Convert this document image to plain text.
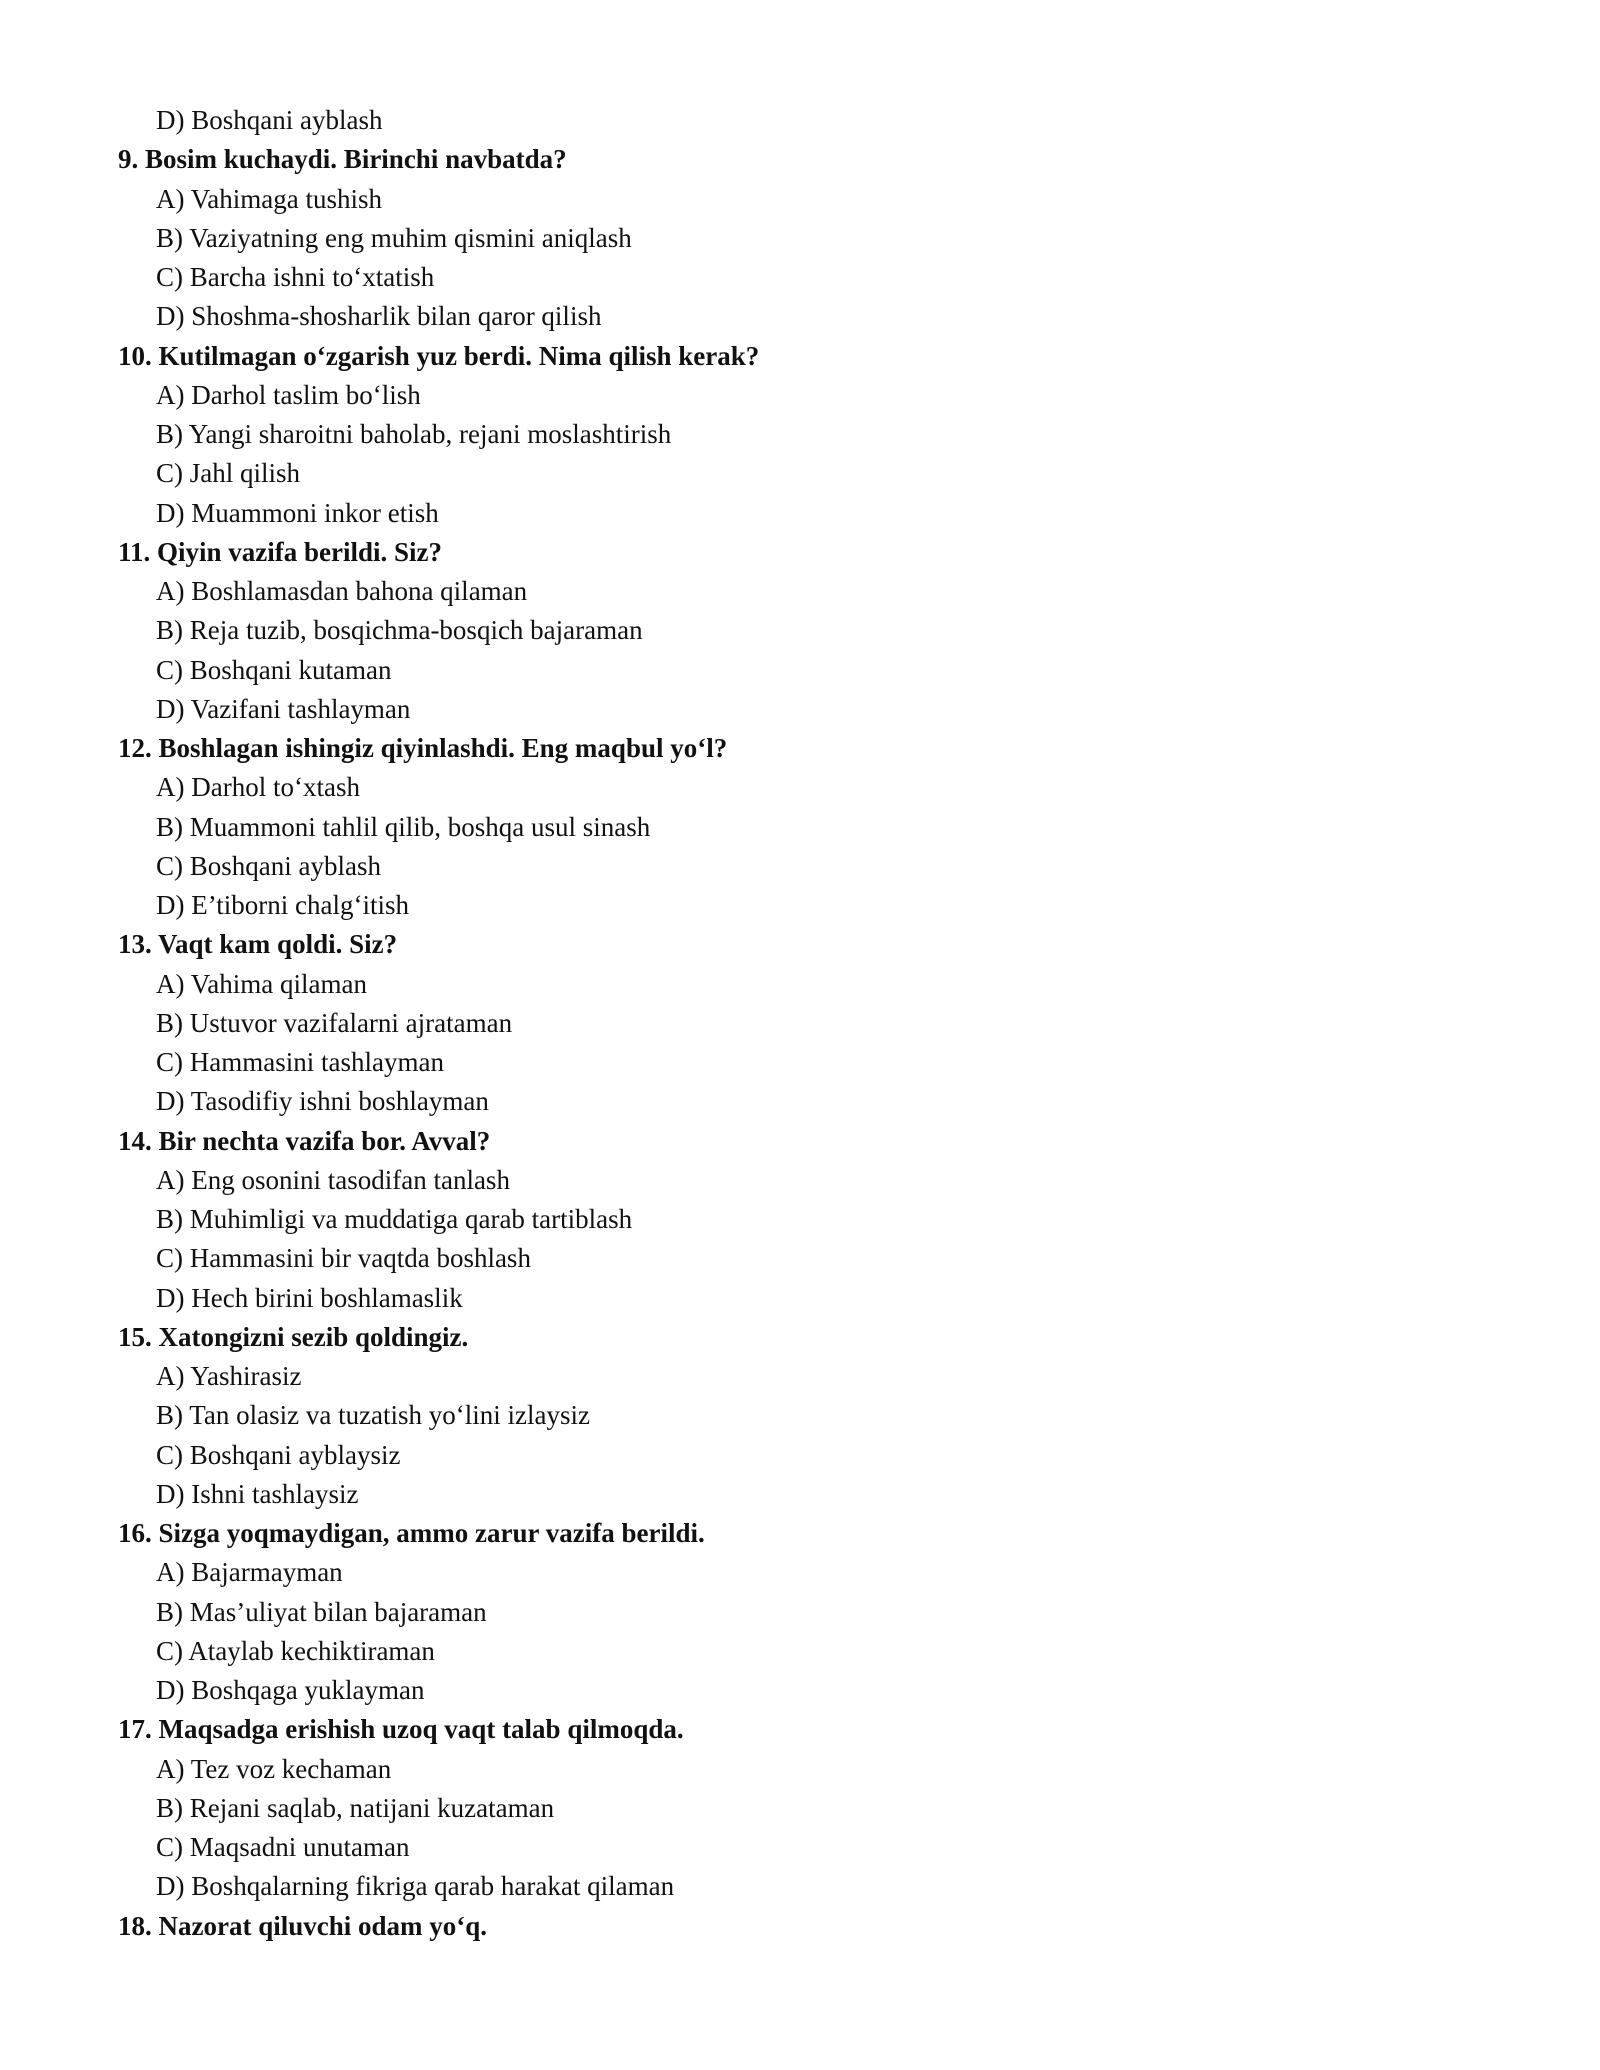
D) Boshqani ayblash
9. Bosim kuchaydi. Birinchi navbatda?
A) Vahimaga tushish
B) Vaziyatning eng muhim qismini aniqlash
C) Barcha ishni to‘xtatish
D) Shoshma-shosharlik bilan qaror qilish
10. Kutilmagan o‘zgarish yuz berdi. Nima qilish kerak?
A) Darhol taslim bo‘lish
B) Yangi sharoitni baholab, rejani moslashtirish
C) Jahl qilish
D) Muammoni inkor etish
11. Qiyin vazifa berildi. Siz?
A) Boshlamasdan bahona qilaman
B) Reja tuzib, bosqichma-bosqich bajaraman
C) Boshqani kutaman
D) Vazifani tashlayman
12. Boshlagan ishingiz qiyinlashdi. Eng maqbul yo‘l?
A) Darhol to‘xtash
B) Muammoni tahlil qilib, boshqa usul sinash
C) Boshqani ayblash
D) E’tiborni chalg‘itish
13. Vaqt kam qoldi. Siz?
A) Vahima qilaman
B) Ustuvor vazifalarni ajrataman
C) Hammasini tashlayman
D) Tasodifiy ishni boshlayman
14. Bir nechta vazifa bor. Avval?
A) Eng osonini tasodifan tanlash
B) Muhimligi va muddatiga qarab tartiblash
C) Hammasini bir vaqtda boshlash
D) Hech birini boshlamaslik
15. Xatongizni sezib qoldingiz.
A) Yashirasiz
B) Tan olasiz va tuzatish yo‘lini izlaysiz
C) Boshqani ayblaysiz
D) Ishni tashlaysiz
16. Sizga yoqmaydigan, ammo zarur vazifa berildi.
A) Bajarmayman
B) Mas’uliyat bilan bajaraman
C) Ataylab kechiktiraman
D) Boshqaga yuklayman
17. Maqsadga erishish uzoq vaqt talab qilmoqda.
A) Tez voz kechaman
B) Rejani saqlab, natijani kuzataman
C) Maqsadni unutaman
D) Boshqalarning fikriga qarab harakat qilaman
18. Nazorat qiluvchi odam yo‘q.
